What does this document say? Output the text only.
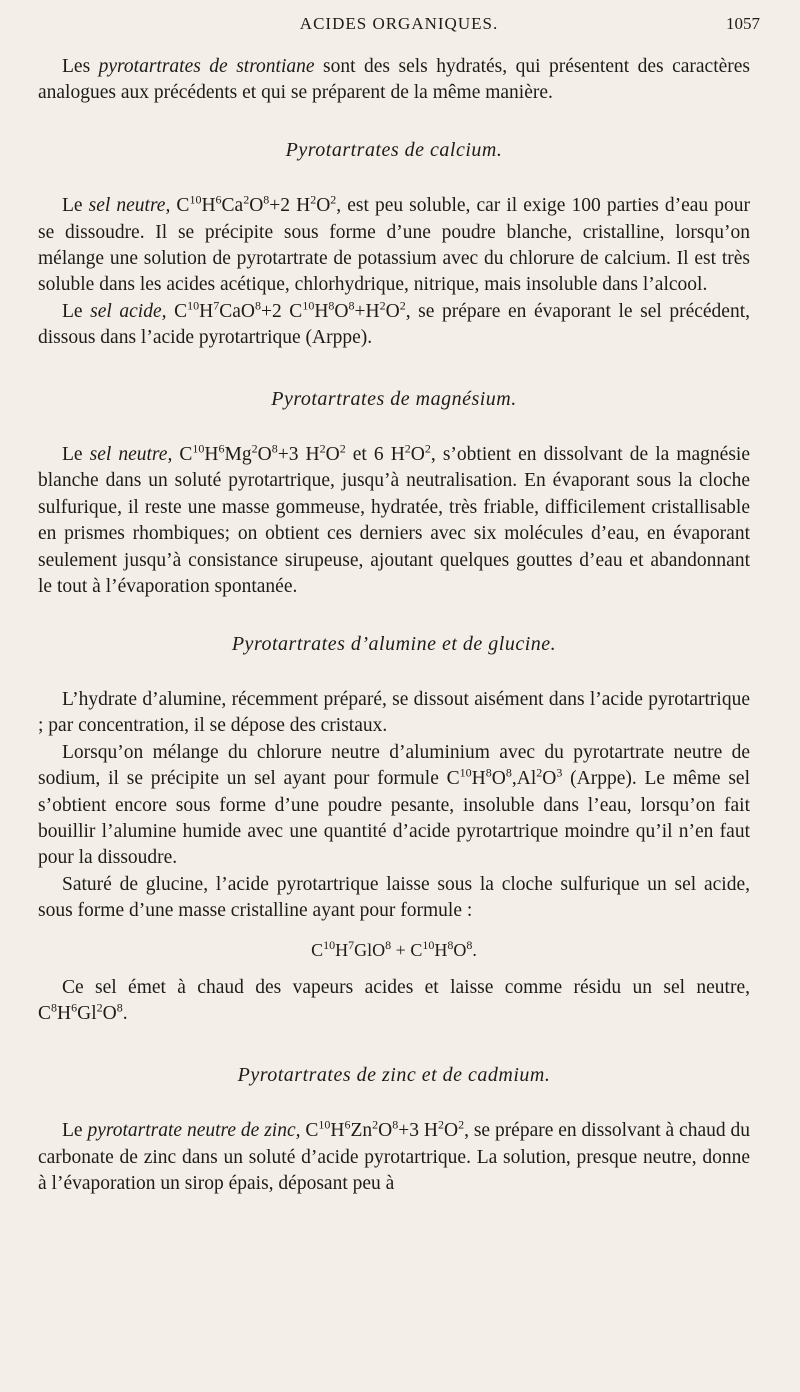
ACIDES ORGANIQUES.	1057

Les pyrotartrates de strontiane sont des sels hydratés, qui présentent des caractères analogues aux précédents et qui se préparent de la même manière.

Pyrotartrates de calcium.

Le sel neutre, $C^{10}H^6Ca^2O^8+2$ $H^2O^2$, est peu soluble, car il exige 100 parties d’eau pour se dissoudre. Il se précipite sous forme d’une poudre blanche, cristalline, lorsqu’on mélange une solution de pyrotartrate de potassium avec du chlorure de calcium. Il est très soluble dans les acides acétique, chlorhydrique, nitrique, mais insoluble dans l’alcool.

Le sel acide, $C^{10}H^7CaO^8+2$ $C^{10}H^8O^8+H^2O^2$, se prépare en évaporant le sel précédent, dissous dans l’acide pyrotartrique (Arppe).

Pyrotartrates de magnésium.

Le sel neutre, $C^{10}H^6Mg^2O^8+3$ $H^2O^2$ et 6 $H^2O^2$, s’obtient en dissolvant de la magnésie blanche dans un soluté pyrotartrique, jusqu’à neutralisation. En évaporant sous la cloche sulfurique, il reste une masse gommeuse, hydratée, très friable, difficilement cristallisable en prismes rhombiques; on obtient ces derniers avec six molécules d’eau, en évaporant seulement jusqu’à consistance sirupeuse, ajoutant quelques gouttes d’eau et abandonnant le tout à l’évaporation spontanée.

Pyrotartrates d’alumine et de glucine.

L’hydrate d’alumine, récemment préparé, se dissout aisément dans l’acide pyrotartrique ; par concentration, il se dépose des cristaux.

Lorsqu’on mélange du chlorure neutre d’aluminium avec du pyrotartrate neutre de sodium, il se précipite un sel ayant pour formule $C^{10}H^8O^8,Al^2O^3$ (Arppe). Le même sel s’obtient encore sous forme d’une poudre pesante, insoluble dans l’eau, lorsqu’on fait bouillir l’alumine humide avec une quantité d’acide pyrotartrique moindre qu’il n’en faut pour la dissoudre.

Saturé de glucine, l’acide pyrotartrique laisse sous la cloche sulfurique un sel acide, sous forme d’une masse cristalline ayant pour formule :

$C^{10}H^7GlO^8 + C^{10}H^8O^8$.

Ce sel émet à chaud des vapeurs acides et laisse comme résidu un sel neutre, $C^8H^6Gl^2O^8$.

Pyrotartrates de zinc et de cadmium.

Le pyrotartrate neutre de zinc, $C^{10}H^6Zn^2O^8+3$ $H^2O^2$, se prépare en dissolvant à chaud du carbonate de zinc dans un soluté d’acide pyrotartrique. La solution, presque neutre, donne à l’évaporation un sirop épais, déposant peu à
